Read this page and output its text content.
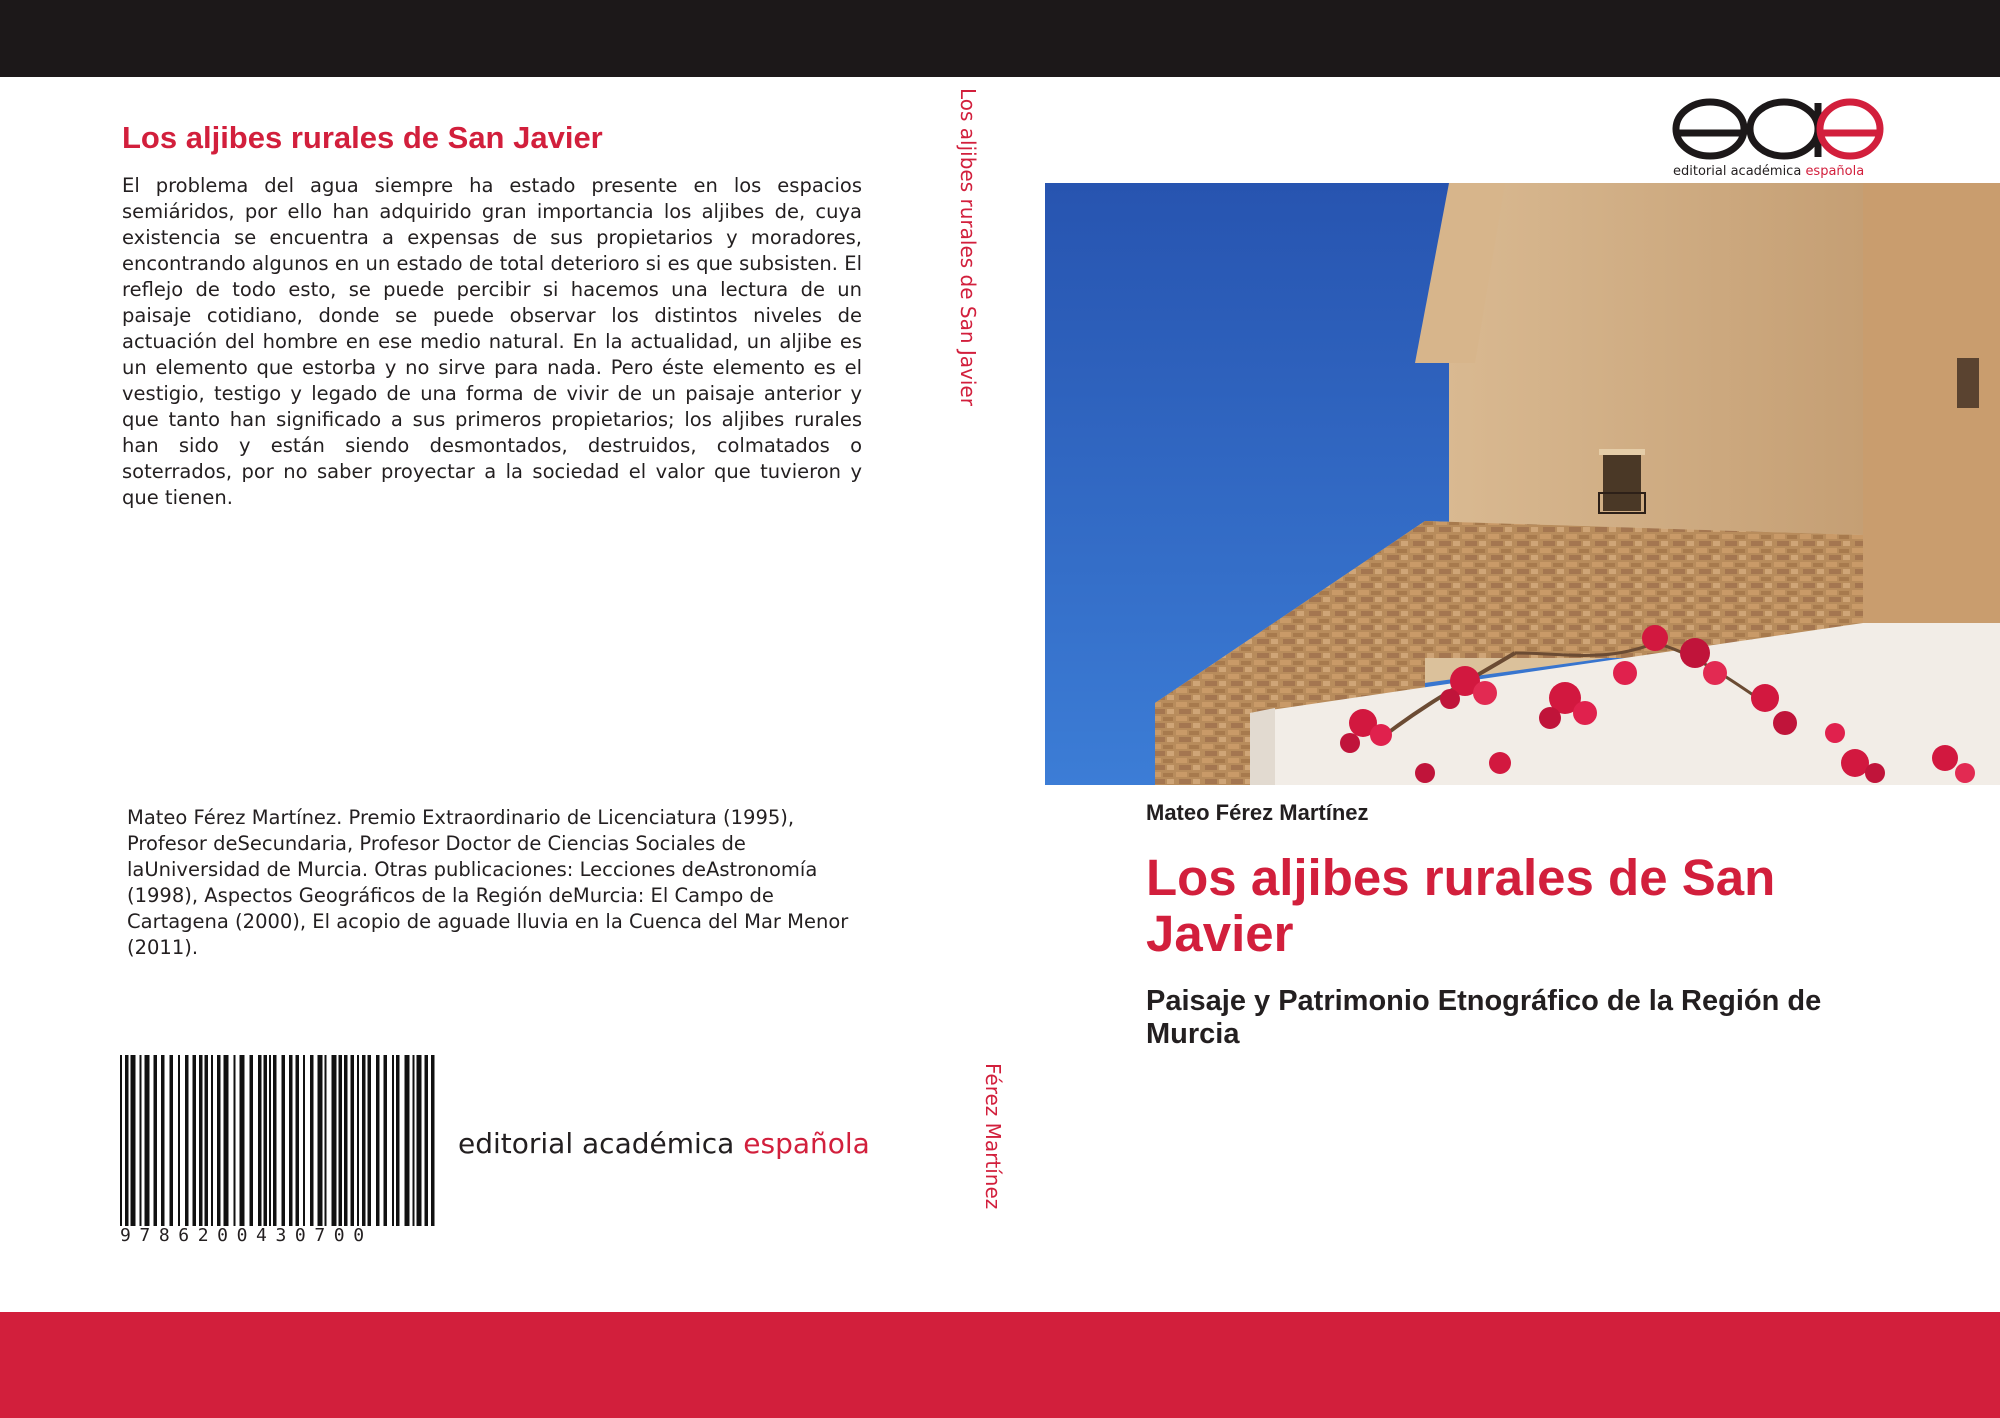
Los aljibes rurales de San Javier

El problema del agua siempre ha estado presente en los espacios semiáridos, por ello han adquirido gran importancia los aljibes de, cuya existencia se encuentra a expensas de sus propietarios y moradores, encontrando algunos en un estado de total deterioro si es que subsisten. El reflejo de todo esto, se puede percibir si hacemos una lectura de un paisaje cotidiano, donde se puede observar los distintos niveles de actuación del hombre en ese medio natural. En la actualidad, un aljibe es un elemento que estorba y no sirve para nada. Pero éste elemento es el vestigio, testigo y legado de una forma de vivir de un paisaje anterior y que tanto han significado a sus primeros propietarios; los aljibes rurales han sido y están siendo desmontados, destruidos, colmatados o soterrados, por no saber proyectar a la sociedad el valor que tuvieron y que tienen.

Mateo Férez Martínez. Premio Extraordinario de Licenciatura (1995), Profesor deSecundaria, Profesor Doctor de Ciencias Sociales de laUniversidad de Murcia. Otras publicaciones: Lecciones deAstronomía (1998), Aspectos Geográficos de la Región deMurcia: El Campo de Cartagena (2000), El acopio de aguade lluvia en la Cuenca del Mar Menor (2011).

9786200430700

editorial académica española

Los aljibes rurales de San Javier
Férez Martínez

editorial académica española

Mateo Férez Martínez

Los aljibes rurales de San Javier
Paisaje y Patrimonio Etnográfico de la Región de Murcia
